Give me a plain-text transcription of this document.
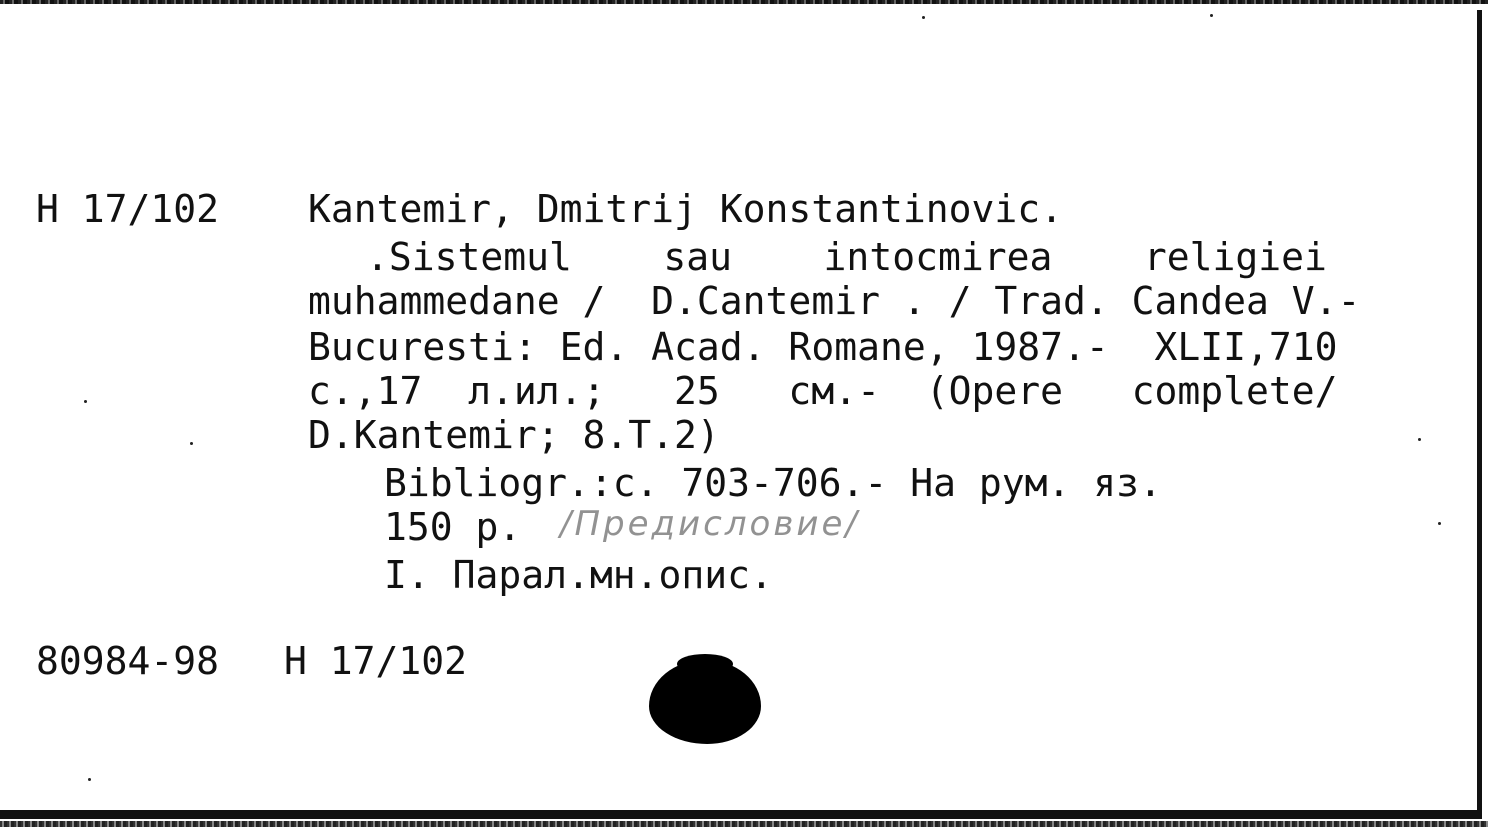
Н 17/102 Kantemir, Dmitrij Konstantinovic.
.Sistemul    sau    intocmirea    religiei
muhammedane /  D.Cantemir . / Trad. Candea V.-
Bucuresti: Ed. Acad. Romane, 1987.-  XLII,710
с.,17  л.ил.;   25   см.-  (Opere   complete/
D.Kantemir; 8.T.2)
Bibliogr.:с. 703-706.- На рум. яз.
150 р. /Предисловие/
I. Парал.мн.опис.
80984-98 Н 17/102
